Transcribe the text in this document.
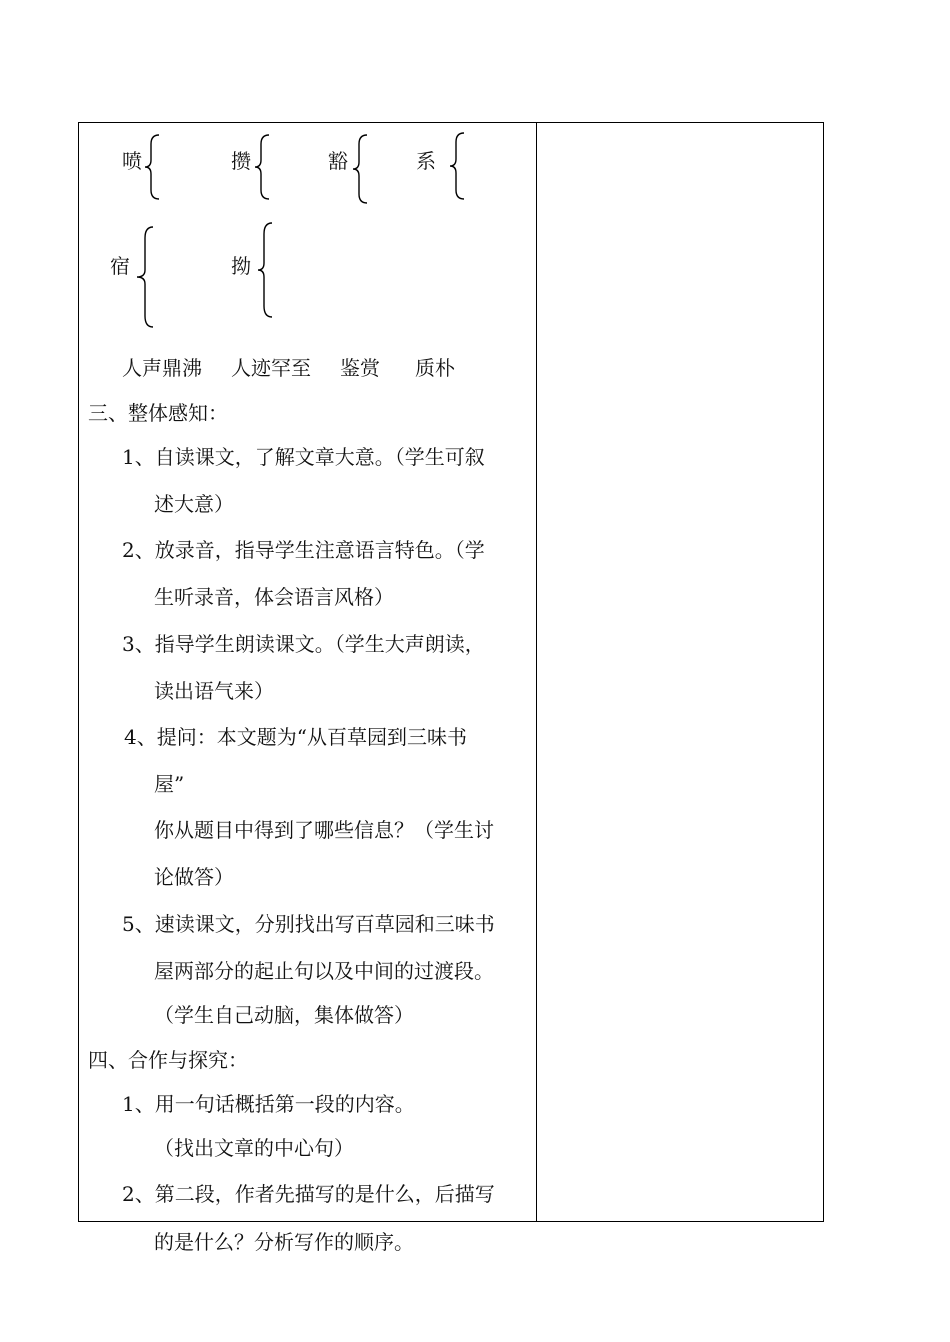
喷	攒	豁	系
宿	拗
人声鼎沸 人迹罕至 鉴赏 质朴
三、整体感知：
1、自读课文，了解文章大意。（学生可叙
述大意）
2、放录音，指导学生注意语言特色。（学
生听录音，体会语言风格）
3、指导学生朗读课文。（学生大声朗读，
读出语气来）
4、提问：本文题为“从百草园到三味书
屋”
你从题目中得到了哪些信息？（学生讨
论做答）
5、速读课文，分别找出写百草园和三味书
屋两部分的起止句以及中间的过渡段。
（学生自己动脑，集体做答）
四、合作与探究：
1、用一句话概括第一段的内容。
（找出文章的中心句）
2、第二段，作者先描写的是什么，后描写
的是什么？分析写作的顺序。
